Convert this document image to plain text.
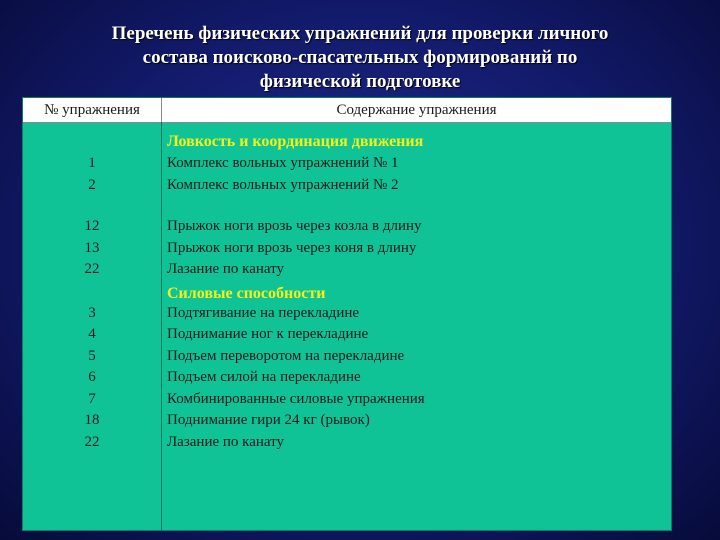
Перечень физических упражнений для проверки личного
состава поисково-спасательных формирований по
физической подготовке
№ упражнения	Содержание упражнения
Ловкость и координация движения
1
2
Комплекс вольных упражнений № 1
Комплекс вольных упражнений № 2
12
13
22
Прыжок ноги врозь через козла в длину
Прыжок ноги врозь через коня в длину
Лазание по канату
Силовые способности
3
4
5
6
7
18
22
Подтягивание на перекладине
Поднимание ног к перекладине
Подъем переворотом на перекладине
Подъем силой на перекладине
Комбинированные силовые упражнения
Поднимание гири 24 кг (рывок)
Лазание по канату
